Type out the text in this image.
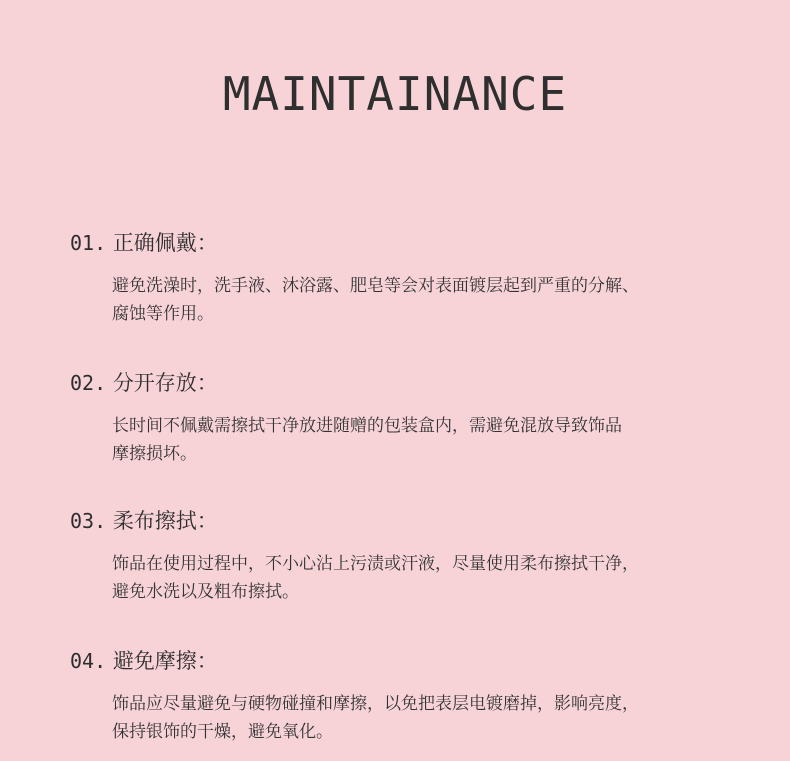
MAINTAINANCE
01. 正确佩戴：
避免洗澡时，洗手液、沐浴露、肥皂等会对表面镀层起到严重的分解、
腐蚀等作用。
02. 分开存放：
长时间不佩戴需擦拭干净放进随赠的包装盒内，需避免混放导致饰品
摩擦损坏。
03. 柔布擦拭：
饰品在使用过程中，不小心沾上污渍或汗液，尽量使用柔布擦拭干净，
避免水洗以及粗布擦拭。
04. 避免摩擦：
饰品应尽量避免与硬物碰撞和摩擦，以免把表层电镀磨掉，影响亮度，
保持银饰的干燥，避免氧化。
